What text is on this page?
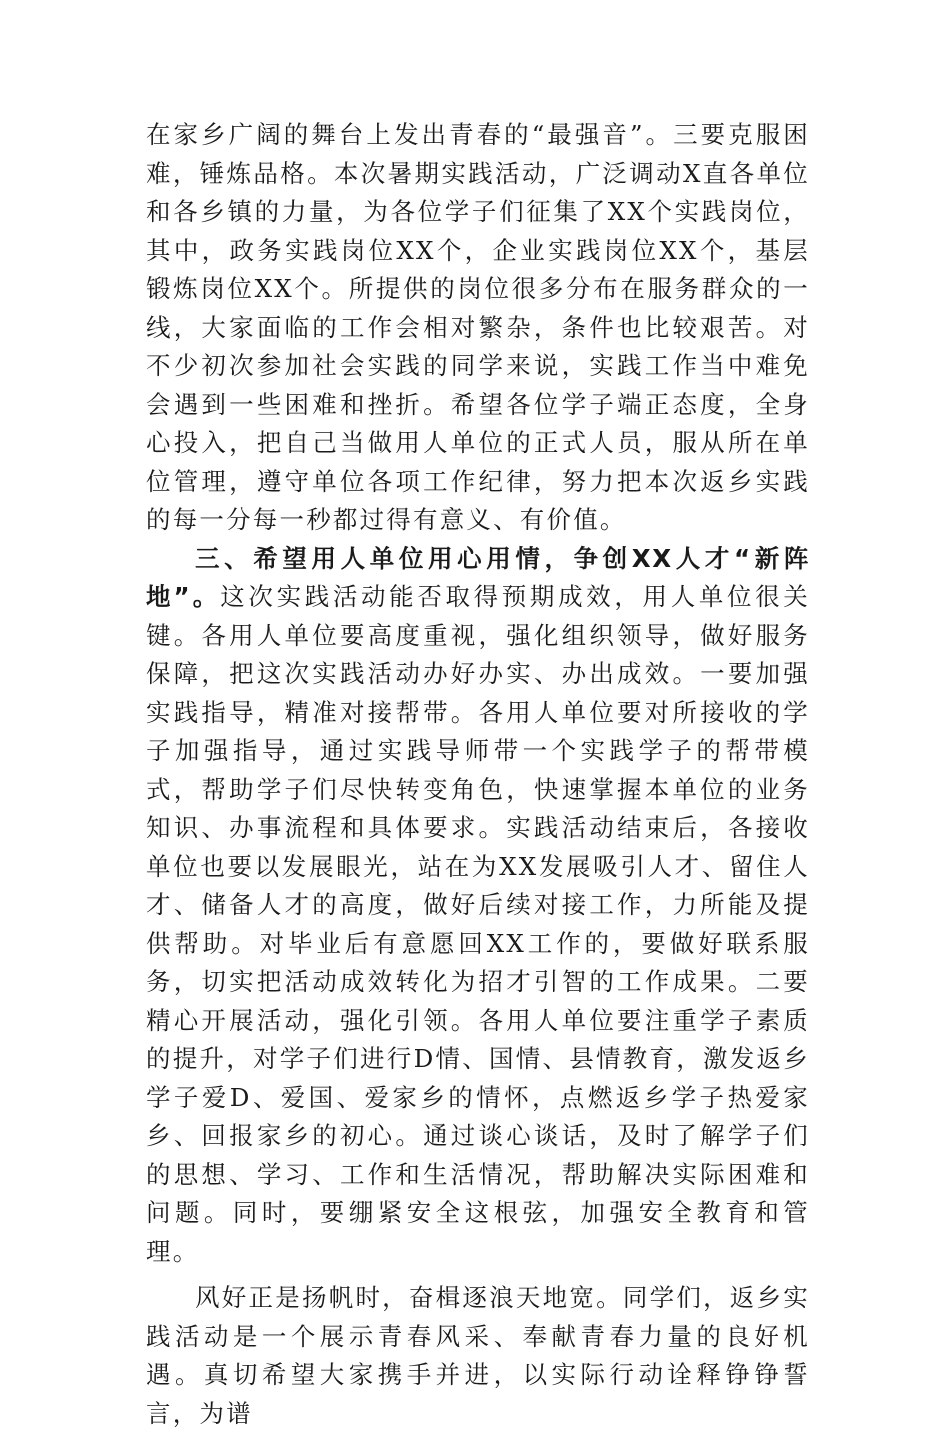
在家乡广阔的舞台上发出青春的“最强音”。三要克服困难，锤炼品格。本次暑期实践活动，广泛调动X直各单位和各乡镇的力量，为各位学子们征集了XX个实践岗位，其中，政务实践岗位XX个，企业实践岗位XX个，基层锻炼岗位XX个。所提供的岗位很多分布在服务群众的一线，大家面临的工作会相对繁杂，条件也比较艰苦。对不少初次参加社会实践的同学来说，实践工作当中难免会遇到一些困难和挫折。希望各位学子端正态度，全身心投入，把自己当做用人单位的正式人员，服从所在单位管理，遵守单位各项工作纪律，努力把本次返乡实践的每一分每一秒都过得有意义、有价值。

三、希望用人单位用心用情，争创XX人才“新阵地”。这次实践活动能否取得预期成效，用人单位很关键。各用人单位要高度重视，强化组织领导，做好服务保障，把这次实践活动办好办实、办出成效。一要加强实践指导，精准对接帮带。各用人单位要对所接收的学子加强指导，通过实践导师带一个实践学子的帮带模式，帮助学子们尽快转变角色，快速掌握本单位的业务知识、办事流程和具体要求。实践活动结束后，各接收单位也要以发展眼光，站在为XX发展吸引人才、留住人才、储备人才的高度，做好后续对接工作，力所能及提供帮助。对毕业后有意愿回XX工作的，要做好联系服务，切实把活动成效转化为招才引智的工作成果。二要精心开展活动，强化引领。各用人单位要注重学子素质的提升，对学子们进行D情、国情、县情教育，激发返乡学子爱D、爱国、爱家乡的情怀，点燃返乡学子热爱家乡、回报家乡的初心。通过谈心谈话，及时了解学子们的思想、学习、工作和生活情况，帮助解决实际困难和问题。同时，要绷紧安全这根弦，加强安全教育和管理。

风好正是扬帆时，奋楫逐浪天地宽。同学们，返乡实践活动是一个展示青春风采、奉献青春力量的良好机遇。真切希望大家携手并进，以实际行动诠释铮铮誓言，为谱
